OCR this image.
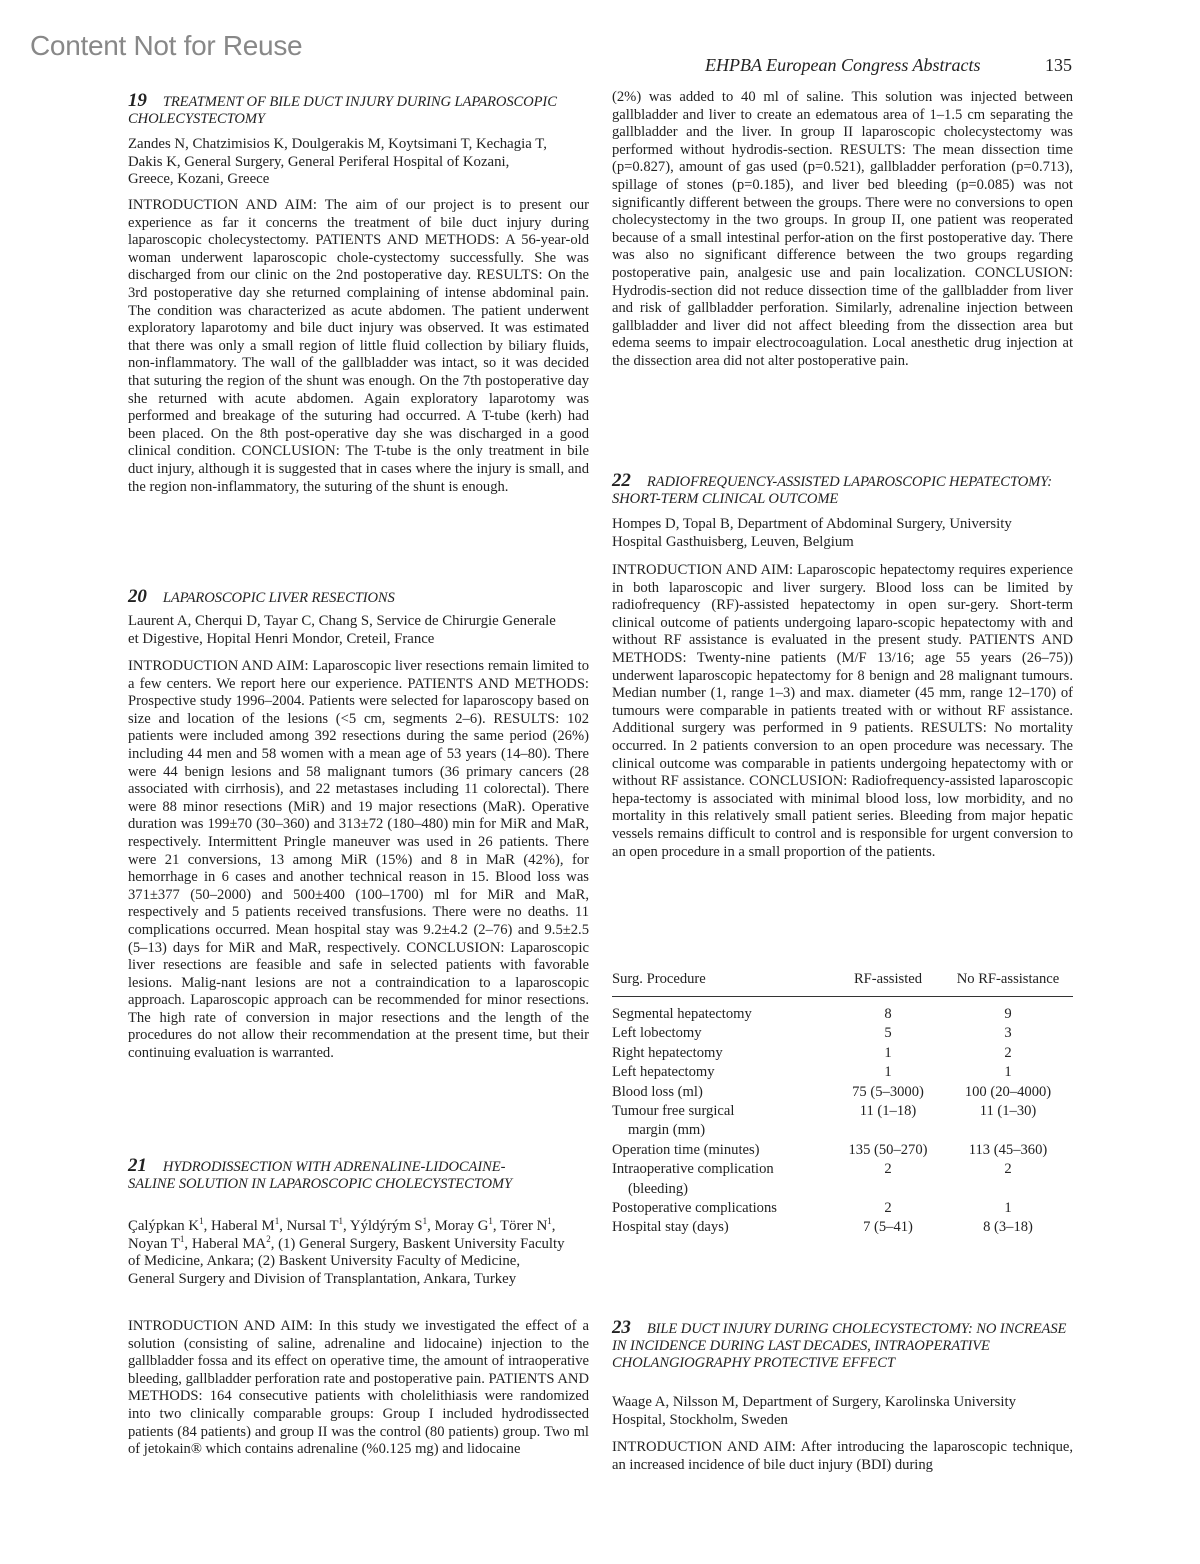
Content Not for Reuse
EHPBA European Congress Abstracts	135
19 TREATMENT OF BILE DUCT INJURY DURING LAPAROSCOPIC CHOLECYSTECTOMY
Zandes N, Chatzimisios K, Doulgerakis M, Koytsimani T, Kechagia T, Dakis K, General Surgery, General Periferal Hospital of Kozani, Greece, Kozani, Greece
INTRODUCTION AND AIM: The aim of our project is to present our experience as far it concerns the treatment of bile duct injury during laparoscopic cholecystectomy. PATIENTS AND METHODS: A 56-year-old woman underwent laparoscopic chole-cystectomy successfully. She was discharged from our clinic on the 2nd postoperative day. RESULTS: On the 3rd postoperative day she returned complaining of intense abdominal pain. The condition was characterized as acute abdomen. The patient underwent exploratory laparotomy and bile duct injury was observed. It was estimated that there was only a small region of little fluid collection by biliary fluids, non-inflammatory. The wall of the gallbladder was intact, so it was decided that suturing the region of the shunt was enough. On the 7th postoperative day she returned with acute abdomen. Again exploratory laparotomy was performed and breakage of the suturing had occurred. A T-tube (kerh) had been placed. On the 8th post-operative day she was discharged in a good clinical condition. CONCLUSION: The T-tube is the only treatment in bile duct injury, although it is suggested that in cases where the injury is small, and the region non-inflammatory, the suturing of the shunt is enough.
20 LAPAROSCOPIC LIVER RESECTIONS
Laurent A, Cherqui D, Tayar C, Chang S, Service de Chirurgie Generale et Digestive, Hopital Henri Mondor, Creteil, France
INTRODUCTION AND AIM: Laparoscopic liver resections remain limited to a few centers. We report here our experience. PATIENTS AND METHODS: Prospective study 1996–2004. Patients were selected for laparoscopy based on size and location of the lesions (<5 cm, segments 2–6). RESULTS: 102 patients were included among 392 resections during the same period (26%) including 44 men and 58 women with a mean age of 53 years (14–80). There were 44 benign lesions and 58 malignant tumors (36 primary cancers (28 associated with cirrhosis), and 22 metastases including 11 colorectal). There were 88 minor resections (MiR) and 19 major resections (MaR). Operative duration was 199±70 (30–360) and 313±72 (180–480) min for MiR and MaR, respectively. Intermittent Pringle maneuver was used in 26 patients. There were 21 conversions, 13 among MiR (15%) and 8 in MaR (42%), for hemorrhage in 6 cases and another technical reason in 15. Blood loss was 371±377 (50–2000) and 500±400 (100–1700) ml for MiR and MaR, respectively and 5 patients received transfusions. There were no deaths. 11 complications occurred. Mean hospital stay was 9.2±4.2 (2–76) and 9.5±2.5 (5–13) days for MiR and MaR, respectively. CONCLUSION: Laparoscopic liver resections are feasible and safe in selected patients with favorable lesions. Malig-nant lesions are not a contraindication to a laparoscopic approach. Laparoscopic approach can be recommended for minor resections. The high rate of conversion in major resections and the length of the procedures do not allow their recommendation at the present time, but their continuing evaluation is warranted.
21 HYDRODISSECTION WITH ADRENALINE-LIDOCAINE-SALINE SOLUTION IN LAPAROSCOPIC CHOLECYSTECTOMY
Çalýpkan $K^1$, Haberal $M^1$, Nursal $T^1$, Yýldýrým $S^1$, Moray $G^1$, Törer $N^1$, Noyan $T^1$, Haberal $MA^2$, (1) General Surgery, Baskent University Faculty of Medicine, Ankara; (2) Baskent University Faculty of Medicine, General Surgery and Division of Transplantation, Ankara, Turkey
INTRODUCTION AND AIM: In this study we investigated the effect of a solution (consisting of saline, adrenaline and lidocaine) injection to the gallbladder fossa and its effect on operative time, the amount of intraoperative bleeding, gallbladder perforation rate and postoperative pain. PATIENTS AND METHODS: 164 consecutive patients with cholelithiasis were randomized into two clinically comparable groups: Group I included hydrodissected patients (84 patients) and group II was the control (80 patients) group. Two ml of jetokain® which contains adrenaline (%0.125 mg) and lidocaine
(2%) was added to 40 ml of saline. This solution was injected between gallbladder and liver to create an edematous area of 1–1.5 cm separating the gallbladder and the liver. In group II laparoscopic cholecystectomy was performed without hydrodis-section. RESULTS: The mean dissection time (p=0.827), amount of gas used (p=0.521), gallbladder perforation (p=0.713), spillage of stones (p=0.185), and liver bed bleeding (p=0.085) was not significantly different between the groups. There were no conversions to open cholecystectomy in the two groups. In group II, one patient was reoperated because of a small intestinal perfor-ation on the first postoperative day. There was also no significant difference between the two groups regarding postoperative pain, analgesic use and pain localization. CONCLUSION: Hydrodis-section did not reduce dissection time of the gallbladder from liver and risk of gallbladder perforation. Similarly, adrenaline injection between gallbladder and liver did not affect bleeding from the dissection area but edema seems to impair electrocoagulation. Local anesthetic drug injection at the dissection area did not alter postoperative pain.
22 RADIOFREQUENCY-ASSISTED LAPAROSCOPIC HEPATECTOMY: SHORT-TERM CLINICAL OUTCOME
Hompes D, Topal B, Department of Abdominal Surgery, University Hospital Gasthuisberg, Leuven, Belgium
INTRODUCTION AND AIM: Laparoscopic hepatectomy requires experience in both laparoscopic and liver surgery. Blood loss can be limited by radiofrequency (RF)-assisted hepatectomy in open sur-gery. Short-term clinical outcome of patients undergoing laparo-scopic hepatectomy with and without RF assistance is evaluated in the present study. PATIENTS AND METHODS: Twenty-nine patients (M/F 13/16; age 55 years (26–75)) underwent laparoscopic hepatectomy for 8 benign and 28 malignant tumours. Median number (1, range 1–3) and max. diameter (45 mm, range 12–170) of tumours were comparable in patients treated with or without RF assistance. Additional surgery was performed in 9 patients. RESULTS: No mortality occurred. In 2 patients conversion to an open procedure was necessary. The clinical outcome was comparable in patients undergoing hepatectomy with or without RF assistance. CONCLUSION: Radiofrequency-assisted laparoscopic hepa-tectomy is associated with minimal blood loss, low morbidity, and no mortality in this relatively small patient series. Bleeding from major hepatic vessels remains difficult to control and is responsible for urgent conversion to an open procedure in a small proportion of the patients.
Surg. Procedure	RF-assisted	No RF-assistance
Segmental hepatectomy	8	9
Left lobectomy	5	3
Right hepatectomy	1	2
Left hepatectomy	1	1
Blood loss (ml)	75 (5–3000)	100 (20–4000)
Tumour free surgical	11 (1–18)	11 (1–30)
margin (mm)		
Operation time (minutes)	135 (50–270)	113 (45–360)
Intraoperative complication	2	2
(bleeding)		
Postoperative complications	2	1
Hospital stay (days)	7 (5–41)	8 (3–18)
23 BILE DUCT INJURY DURING CHOLECYSTECTOMY: NO INCREASE IN INCIDENCE DURING LAST DECADES, INTRAOPERATIVE CHOLANGIOGRAPHY PROTECTIVE EFFECT
Waage A, Nilsson M, Department of Surgery, Karolinska University Hospital, Stockholm, Sweden
INTRODUCTION AND AIM: After introducing the laparoscopic technique, an increased incidence of bile duct injury (BDI) during
